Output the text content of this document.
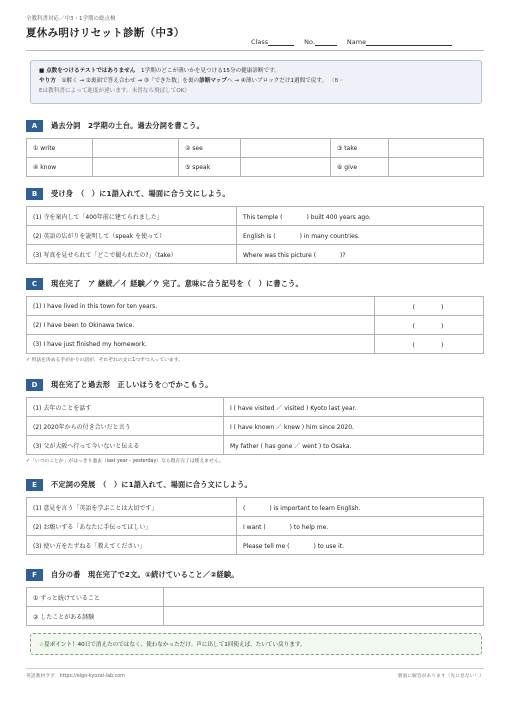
全教科書対応／中3・1学期の総点検
夏休み明けリセット診断（中3）
Class	No.	Name
■ 点数をつけるテストではありません　 1学期のどこが薄いかを見つける15分の健康診断です。
やり方　 ①解く → ②裏面で答え合わせ → ③「できた数」を裏の診断マップへ → ④薄いブロックだけ1週間で戻す。 （B・
Eは教科書によって進度が違います。未習なら飛ばしてOK）
A	過去分詞　2学期の土台。過去分詞を書こう。
① write		② see		③ take	
④ know		⑤ speak		⑥ give	
B	受け身　（　）に1語入れて、場面に合う文にしよう。
(1) 寺を案内して「400年前に建てられました」	This temple (　　　　) built 400 years ago.
(2) 英語の広がりを説明して（speak を使って）	English is (　　　　) in many countries.
(3) 写真を見せられて「どこで撮られたの?」（take）	Where was this picture (　　　　)?
C	現在完了　ア 継続／イ 経験／ウ 完了。意味に合う記号を（　）に書こう。
(1) I have lived in this town for ten years.	(　　　)
(2) I have been to Okinawa twice.	(　　　)
(3) I have just finished my homework.	(　　　)
✓ 用法を決める手がかりの語が、それぞれの文に1つずつ入っています。
D	現在完了と過去形　正しいほうを○でかこもう。
(1) 去年のことを話す	I ( have visited ／ visited ) Kyoto last year.
(2) 2020年からの付き合いだと言う	I ( have known ／ knew ) him since 2020.
(3) 父が大阪へ行って今いないと伝える	My father ( has gone ／ went ) to Osaka.
✓「いつのことか」がはっきり過去（last year・yesterday）なら現在完了は使えません。
E	不定詞の発展　（　）に1語入れて、場面に合う文にしよう。
(1) 意見を言う「英語を学ぶことは大切です」	(　　　　) is important to learn English.
(2) お願いする「あなたに手伝ってほしい」	I want (　　　　) to help me.
(3) 使い方をたずねる「教えてください」	Please tell me (　　　　) to use it.
F	自分の番　現在完了で2文。①続けていること／②経験。
① ずっと続けていること	
② したことがある経験	
☆豆ポイント！ 40日で消えたのではなく、使わなかっただけ。声に出して1回使えば、たいてい戻ります。
英語教材ラボ　https://eigo-kyozai-lab.com	裏面に解答があります（先に見ない！）
